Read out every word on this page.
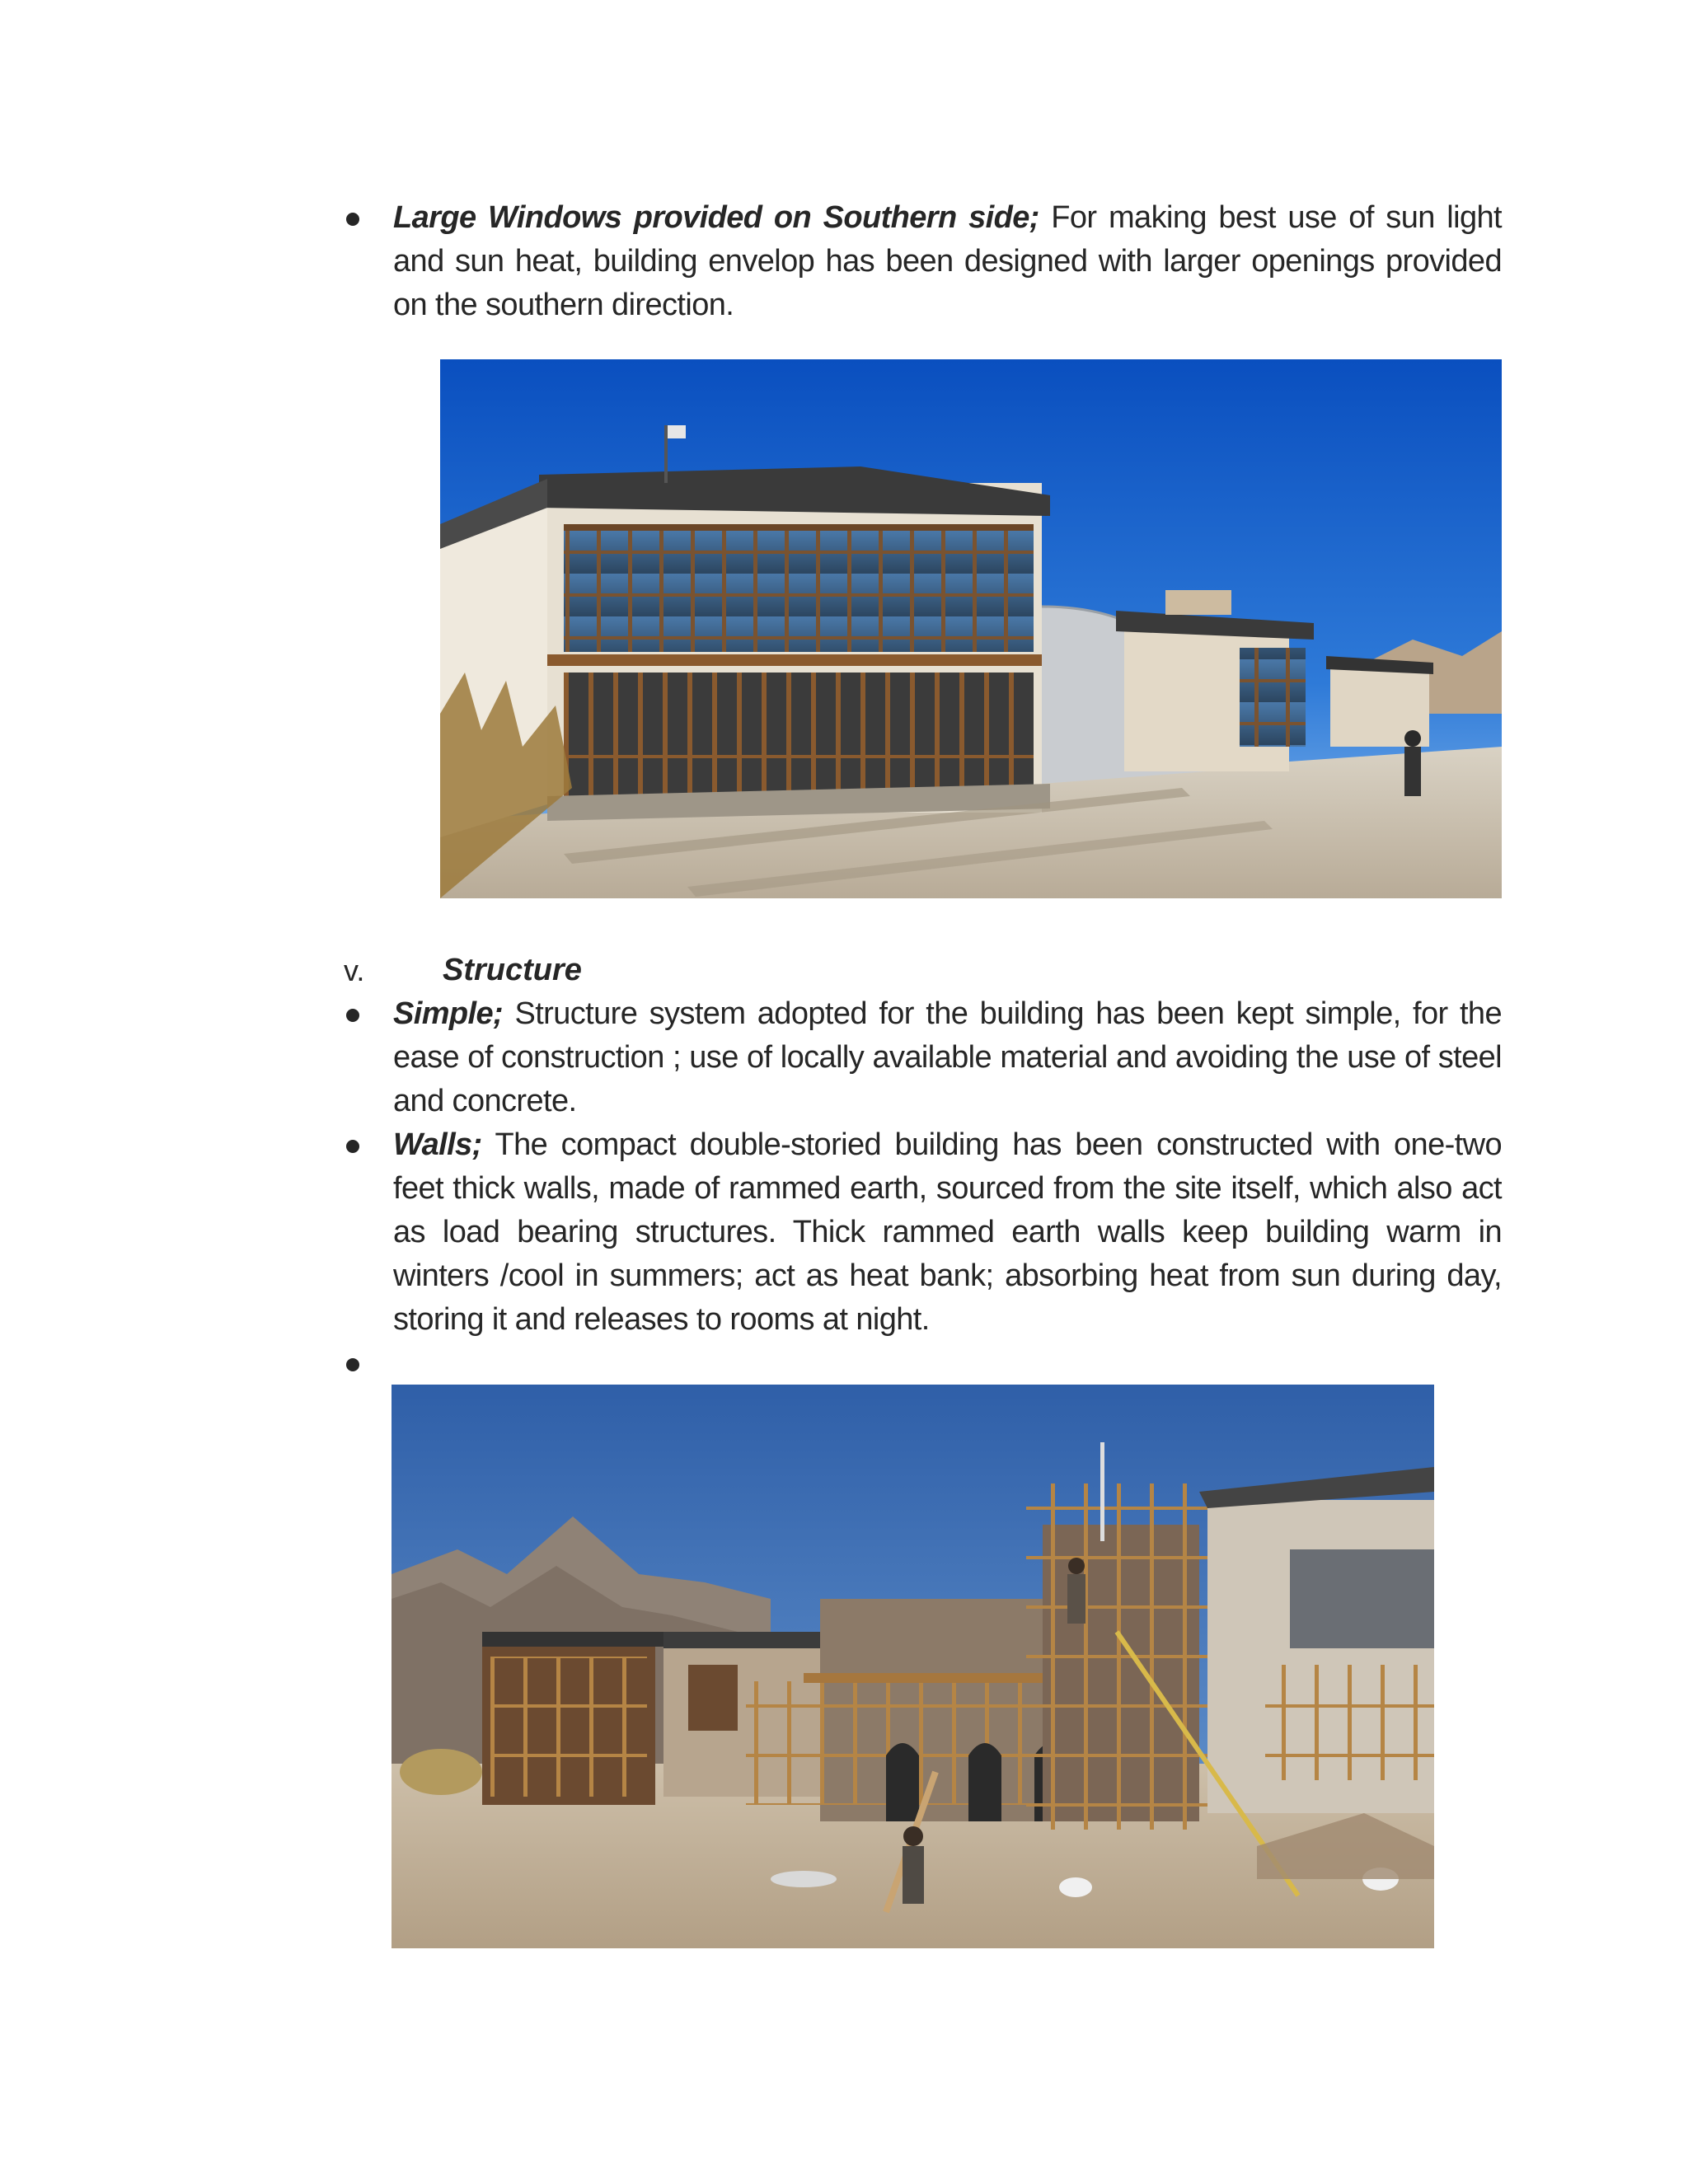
Large Windows provided on Southern side; For making best use of sun light and sun heat, building envelop has been designed with larger openings provided on the southern direction.
v. Structure
Simple; Structure system adopted for the building has been kept simple, for the ease of construction ; use of locally available material and avoiding the use of steel and concrete.
Walls; The compact double-storied building has been constructed with one-two feet thick walls, made of rammed earth, sourced from the site itself, which also act as load bearing structures. Thick rammed earth walls keep building warm in winters /cool in summers; act as heat bank; absorbing heat from sun during day, storing it and releases to rooms at night.
